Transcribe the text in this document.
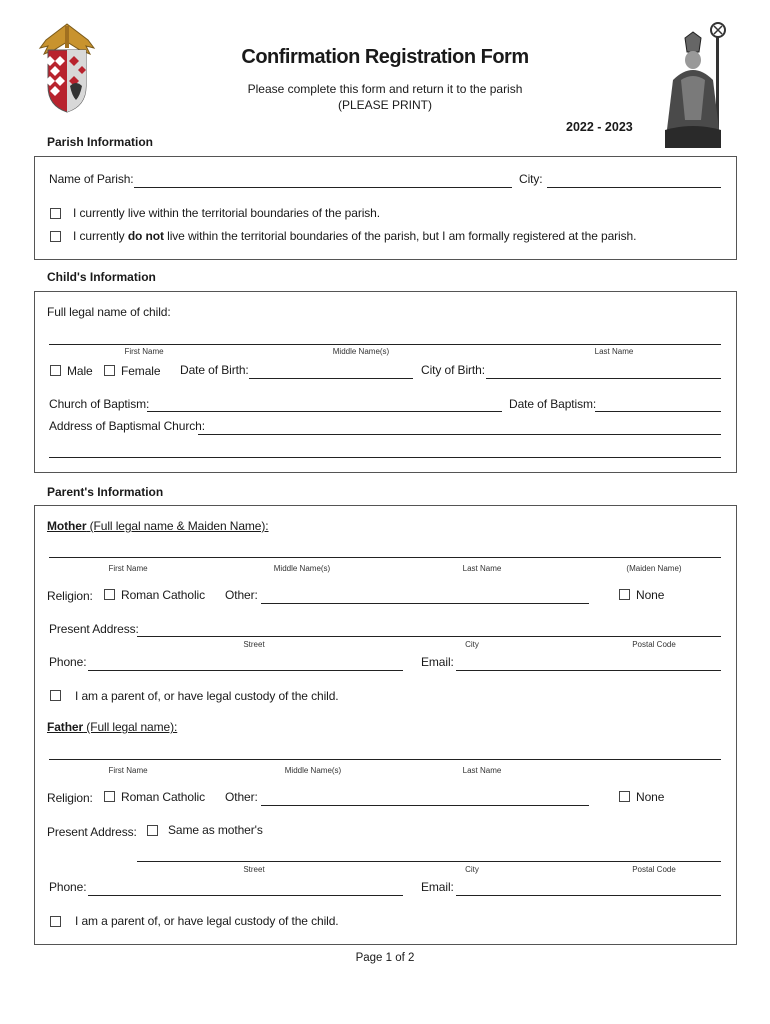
Confirmation Registration Form
Please complete this form and return it to the parish
(PLEASE PRINT)
2022 - 2023
Parish Information
Name of Parish:	City:
I currently live within the territorial boundaries of the parish.
I currently do not live within the territorial boundaries of the parish, but I am formally registered at the parish.
Child's Information
Full legal name of child:
First Name	Middle Name(s)	Last Name
Male Female Date of Birth:	City of Birth:
Church of Baptism:	Date of Baptism:
Address of Baptismal Church:
Parent's Information
Mother (Full legal name & Maiden Name):
First Name	Middle Name(s)	Last Name	(Maiden Name)
Religion: Roman Catholic Other:	None
Present Address:
Street	City	Postal Code
Phone:	Email:
I am a parent of, or have legal custody of the child.
Father (Full legal name):
First Name	Middle Name(s)	Last Name
Religion: Roman Catholic Other:	None
Present Address:	Same as mother's
Street	City	Postal Code
Phone:	Email:
I am a parent of, or have legal custody of the child.
Page 1 of 2
